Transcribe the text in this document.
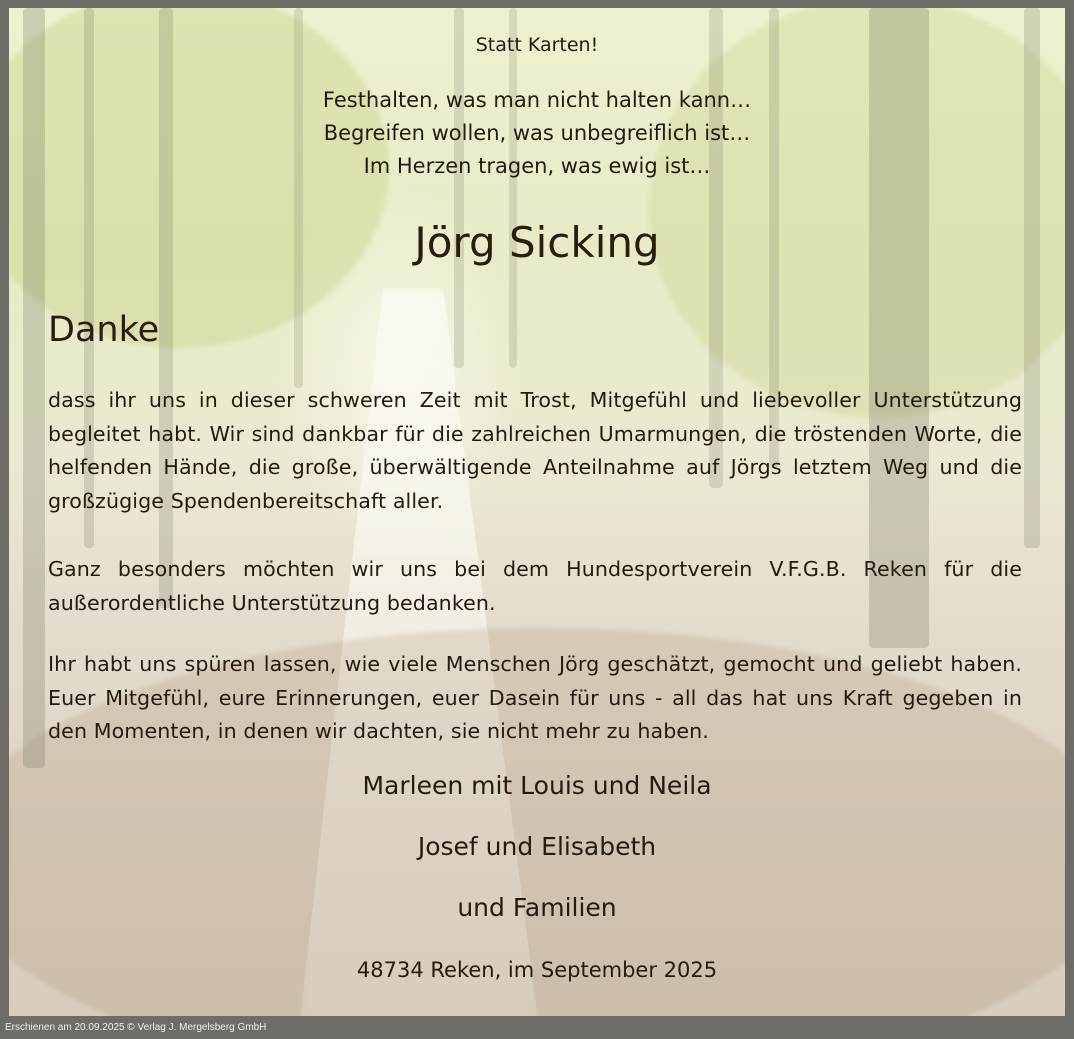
Statt Karten!
Festhalten, was man nicht halten kann…
Begreifen wollen, was unbegreiflich ist…
Im Herzen tragen, was ewig ist…
Jörg Sicking
Danke
dass ihr uns in dieser schweren Zeit mit Trost, Mitgefühl und liebevoller Unterstützung begleitet habt. Wir sind dankbar für die zahlreichen Umarmungen, die tröstenden Worte, die helfenden Hände, die große, überwältigende Anteilnahme auf Jörgs letztem Weg und die großzügige Spendenbereitschaft aller.
Ganz besonders möchten wir uns bei dem Hundesportverein V.F.G.B. Reken für die außerordentliche Unterstützung bedanken.
Ihr habt uns spüren lassen, wie viele Menschen Jörg geschätzt, gemocht und geliebt haben. Euer Mitgefühl, eure Erinnerungen, euer Dasein für uns - all das hat uns Kraft gegeben in den Momenten, in denen wir dachten, sie nicht mehr zu haben.
Marleen mit Louis und Neila
Josef und Elisabeth
und Familien
48734 Reken, im September 2025
Erschienen am 20.09.2025 © Verlag J. Mergelsberg GmbH
